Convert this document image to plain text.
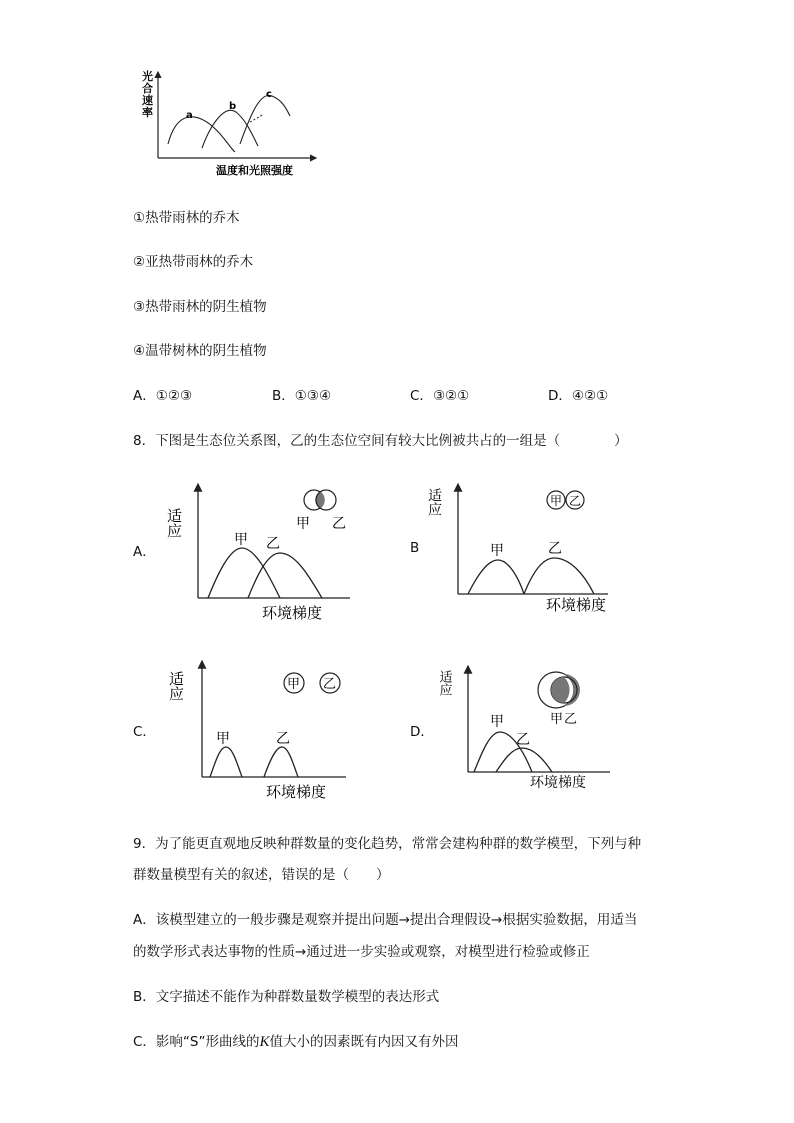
光
合
速
率	a
b
c
温度和光照强度
①热带雨林的乔木
②亚热带雨林的乔木
③热带雨林的阴生植物
④温带树林的阴生植物
A．①②③	B．①③④	C．③②①	D．④②①
8．下图是生态位关系图，乙的生态位空间有较大比例被共占的一组是（　　　　）
A．
适应
甲 乙
环境梯度
甲 乙
B
适应
甲	乙
环境梯度
甲 乙
C．
适应
甲	乙
环境梯度
甲 乙
D．
适应
甲
乙
环境梯度
甲 乙
9．为了能更直观地反映种群数量的变化趋势，常常会建构种群的数学模型，下列与种
群数量模型有关的叙述，错误的是（　　）
A．该模型建立的一般步骤是观察并提出问题→提出合理假设→根据实验数据，用适当
的数学形式表达事物的性质→通过进一步实验或观察，对模型进行检验或修正
B．文字描述不能作为种群数量数学模型的表达形式
C．影响“S”形曲线的K值大小的因素既有内因又有外因
